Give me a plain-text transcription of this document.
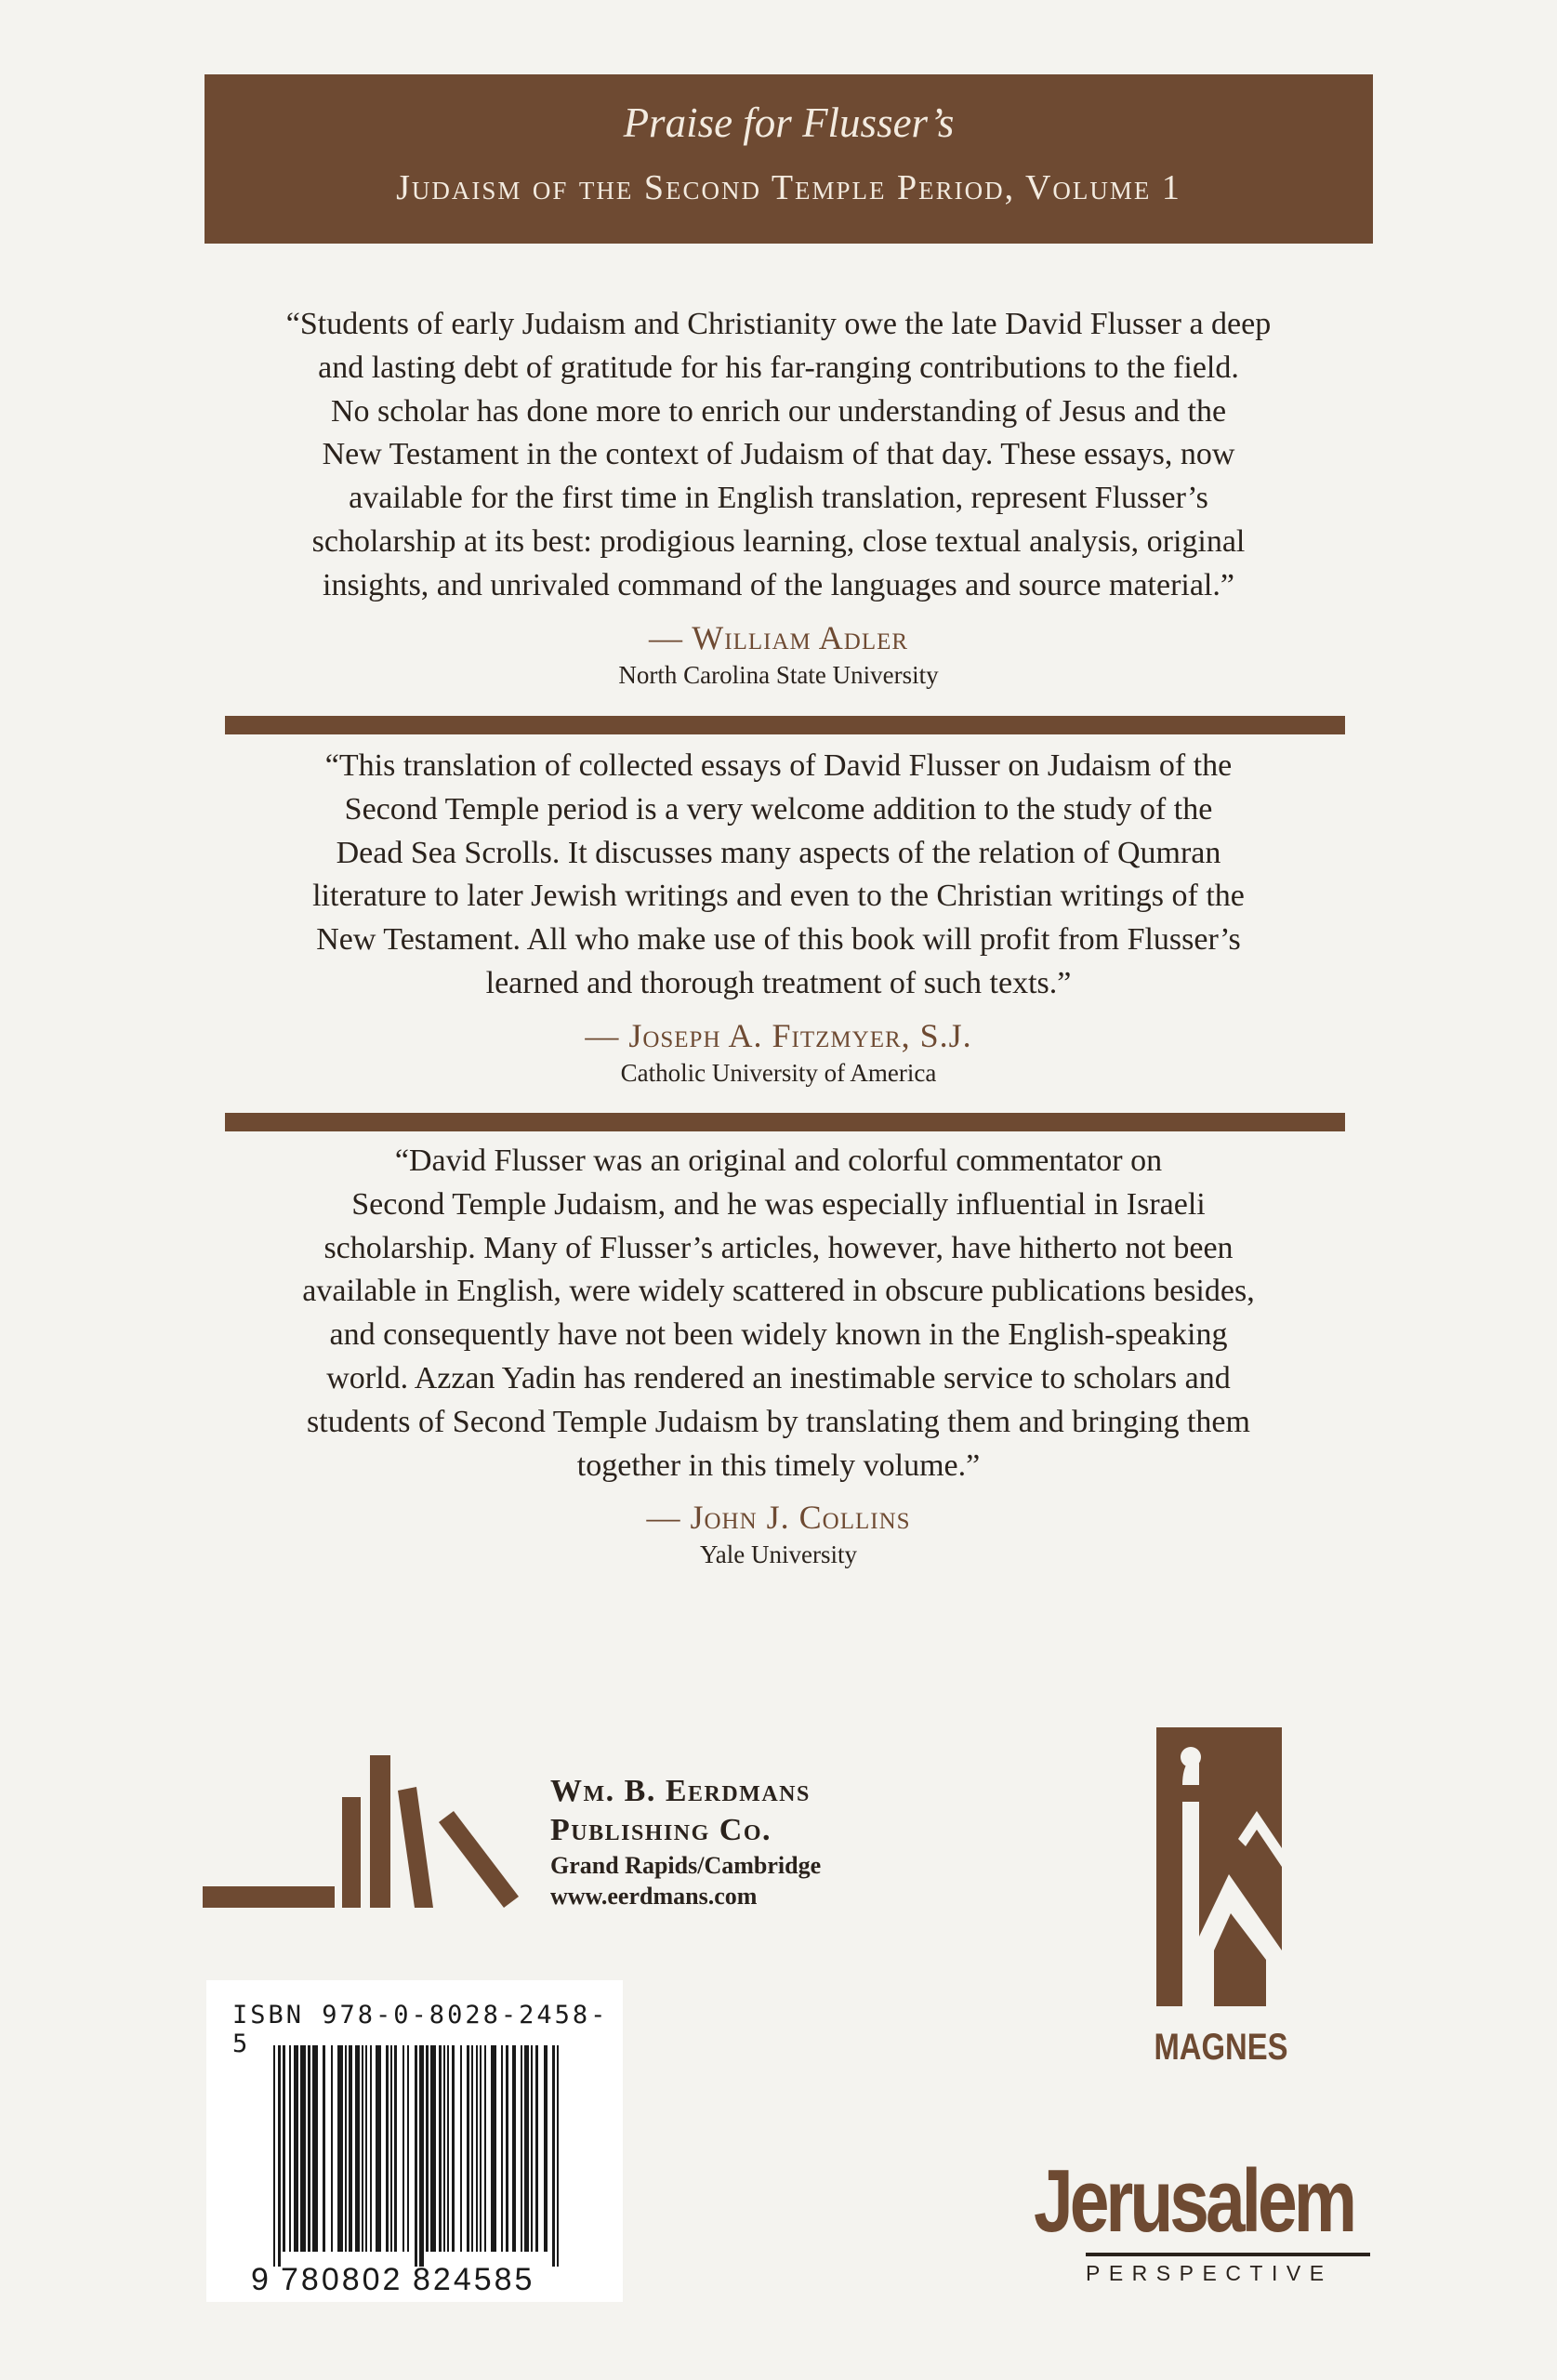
Praise for Flusser’s
Judaism of the Second Temple Period, Volume 1

“Students of early Judaism and Christianity owe the late David Flusser a deep
and lasting debt of gratitude for his far-ranging contributions to the field.
No scholar has done more to enrich our understanding of Jesus and the
New Testament in the context of Judaism of that day. These essays, now
available for the first time in English translation, represent Flusser’s
scholarship at its best: prodigious learning, close textual analysis, original
insights, and unrivaled command of the languages and source material.”

— William Adler
North Carolina State University

“This translation of collected essays of David Flusser on Judaism of the
Second Temple period is a very welcome addition to the study of the
Dead Sea Scrolls. It discusses many aspects of the relation of Qumran
literature to later Jewish writings and even to the Christian writings of the
New Testament. All who make use of this book will profit from Flusser’s
learned and thorough treatment of such texts.”

— Joseph A. Fitzmyer, S.J.
Catholic University of America

“David Flusser was an original and colorful commentator on
Second Temple Judaism, and he was especially influential in Israeli
scholarship. Many of Flusser’s articles, however, have hitherto not been
available in English, were widely scattered in obscure publications besides,
and consequently have not been widely known in the English-speaking
world. Azzan Yadin has rendered an inestimable service to scholars and
students of Second Temple Judaism by translating them and bringing them
together in this timely volume.”

— John J. Collins
Yale University
Wm. B. Eerdmans
Publishing Co.
Grand Rapids/Cambridge
www.eerdmans.com
ISBN 978-0-8028-2458-5
9 780802 824585
MAGNES
Jerusalem
PERSPECTIVE
